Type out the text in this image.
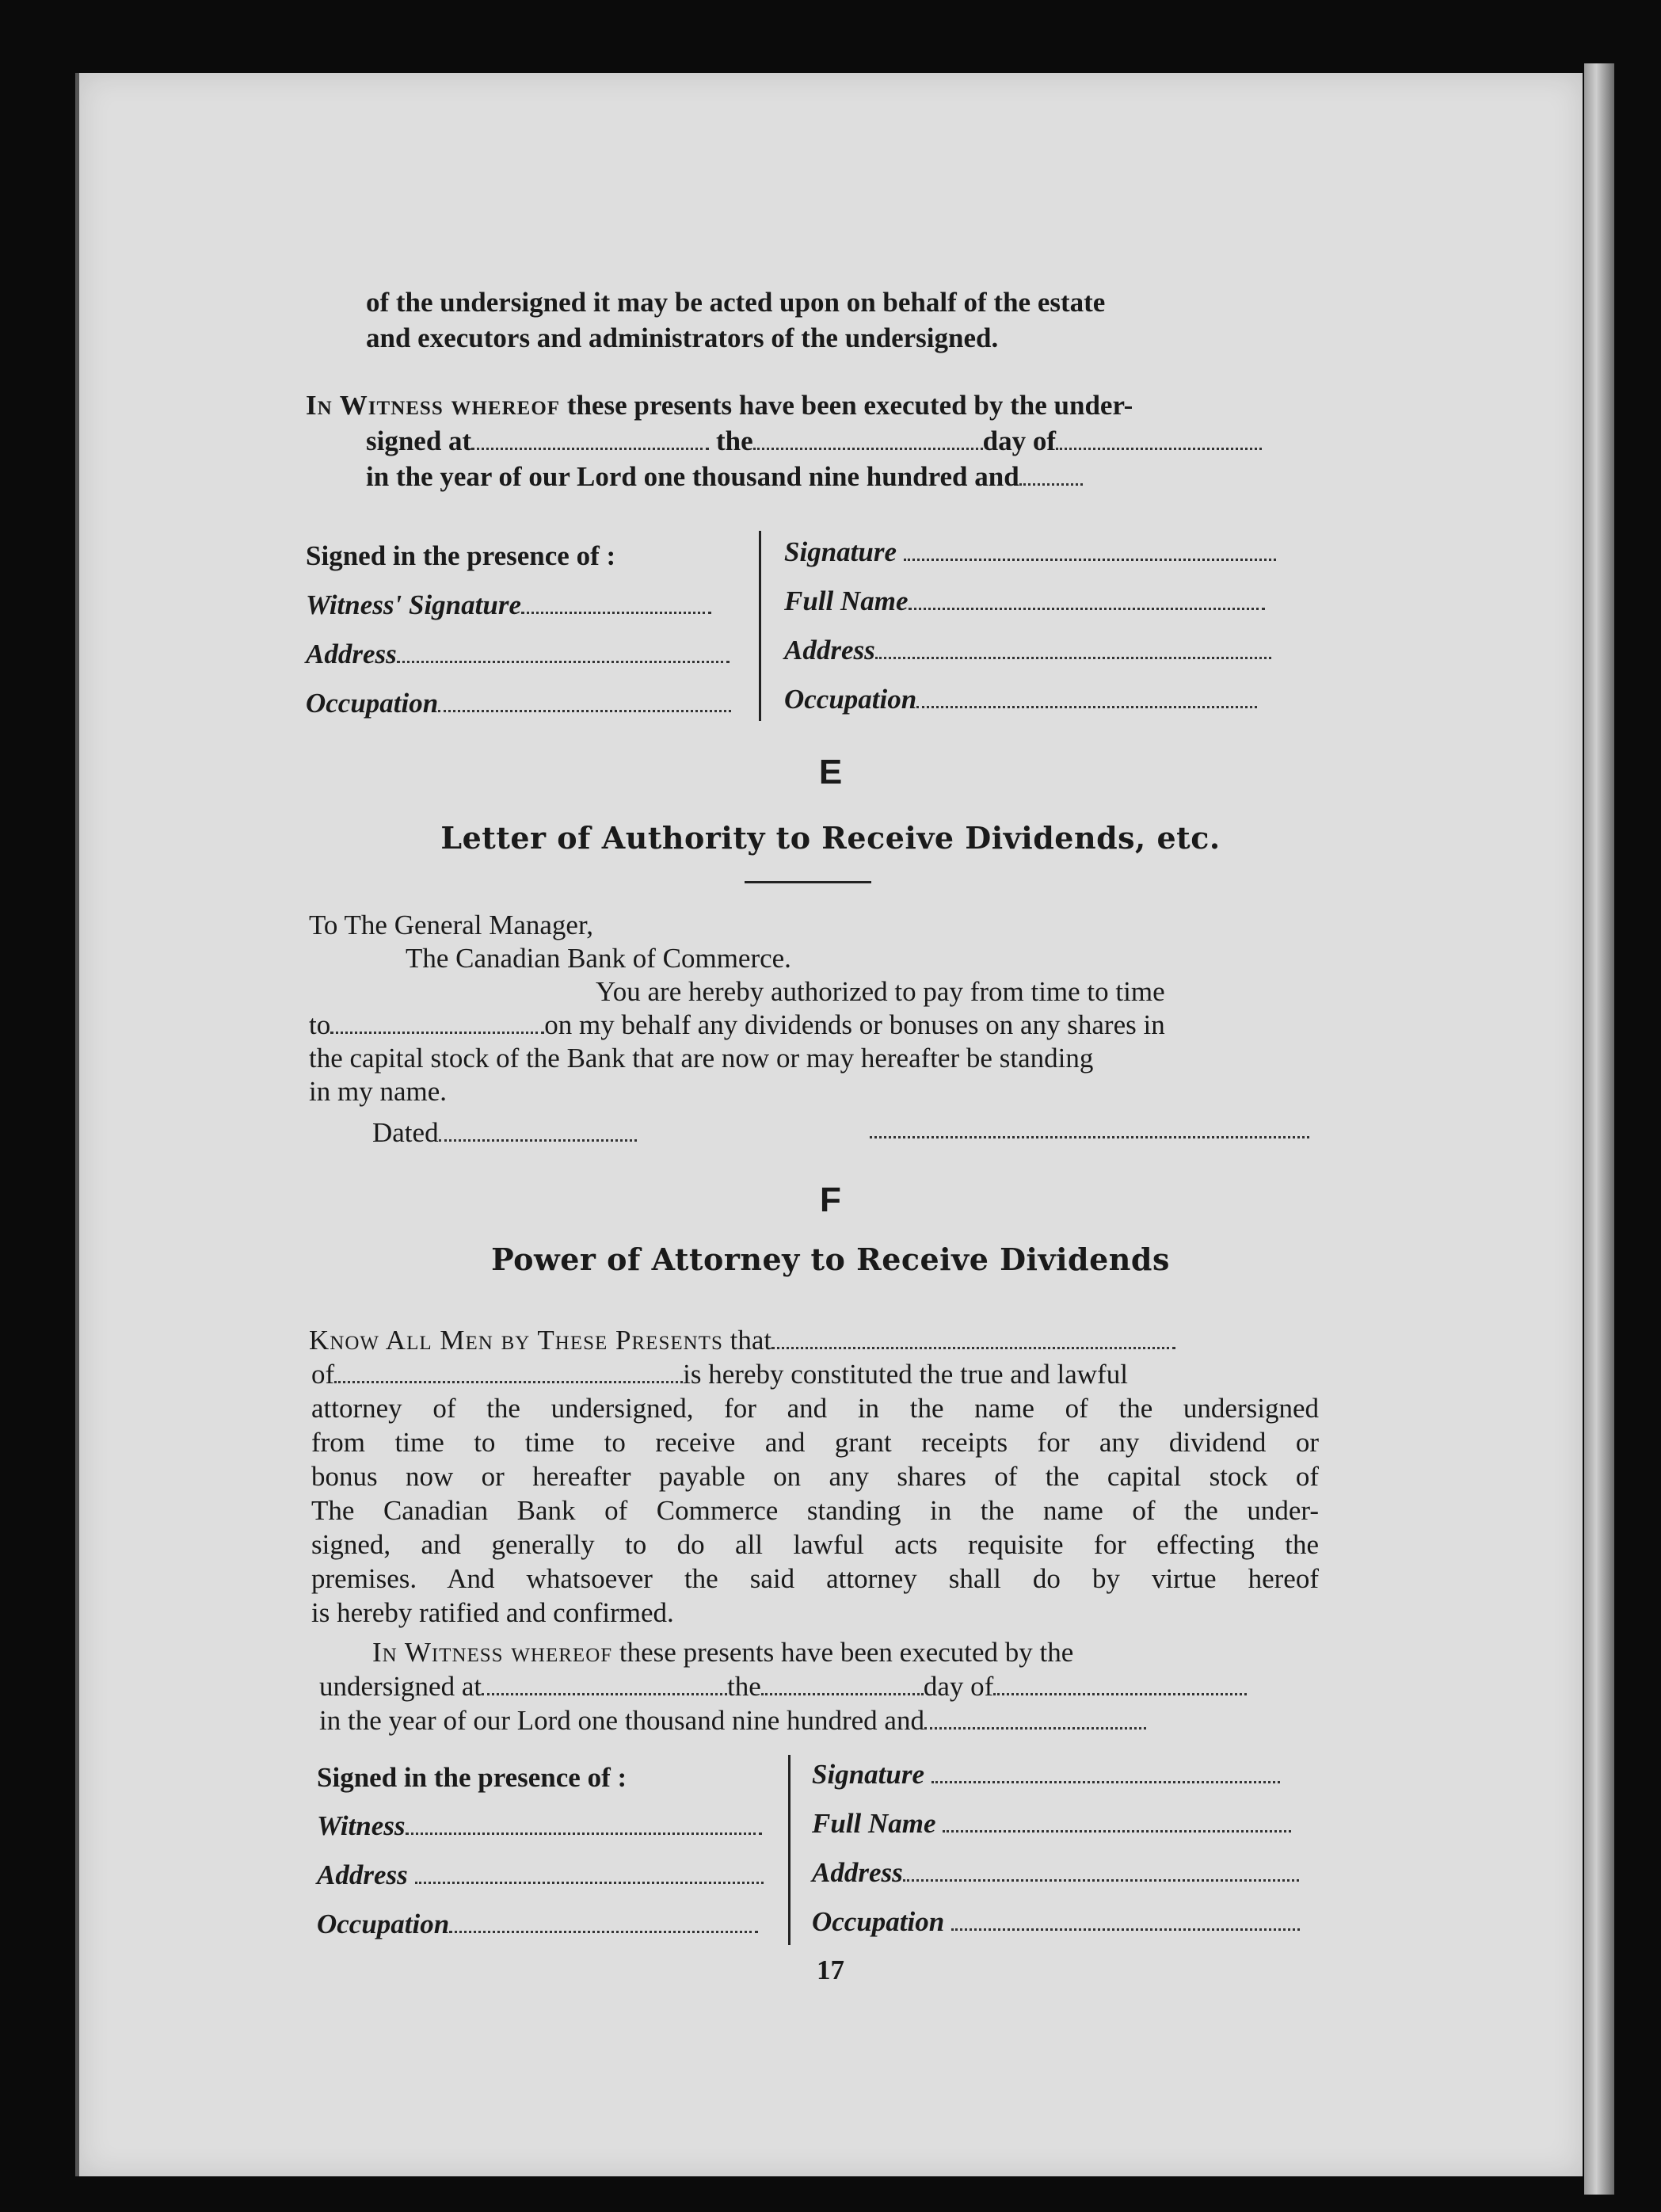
of the undersigned it may be acted upon on behalf of the estate
and executors and administrators of the undersigned.
In Witness whereof these presents have been executed by the under-
signed at	the	day of
in the year of our Lord one thousand nine hundred and
Signed in the presence of :
Witness' Signature
Address
Occupation
Signature
Full Name
Address
Occupation
E
Letter of Authority to Receive Dividends, etc.
To The General Manager,
The Canadian Bank of Commerce.
You are hereby authorized to pay from time to time
to	on my behalf any dividends or bonuses on any shares in
the capital stock of the Bank that are now or may hereafter be standing
in my name.
Dated
F
Power of Attorney to Receive Dividends
Know All Men by These Presents that
of	is hereby constituted the true and lawful
attorney of the undersigned, for and in the name of the undersigned
from time to time to receive and grant receipts for any dividend or
bonus now or hereafter payable on any shares of the capital stock of
The Canadian Bank of Commerce standing in the name of the under-
signed, and generally to do all lawful acts requisite for effecting the
premises. And whatsoever the said attorney shall do by virtue hereof
is hereby ratified and confirmed.
In Witness whereof these presents have been executed by the
undersigned at	the	day of
in the year of our Lord one thousand nine hundred and
Signed in the presence of :
Witness
Address
Occupation
Signature
Full Name
Address
Occupation
17
